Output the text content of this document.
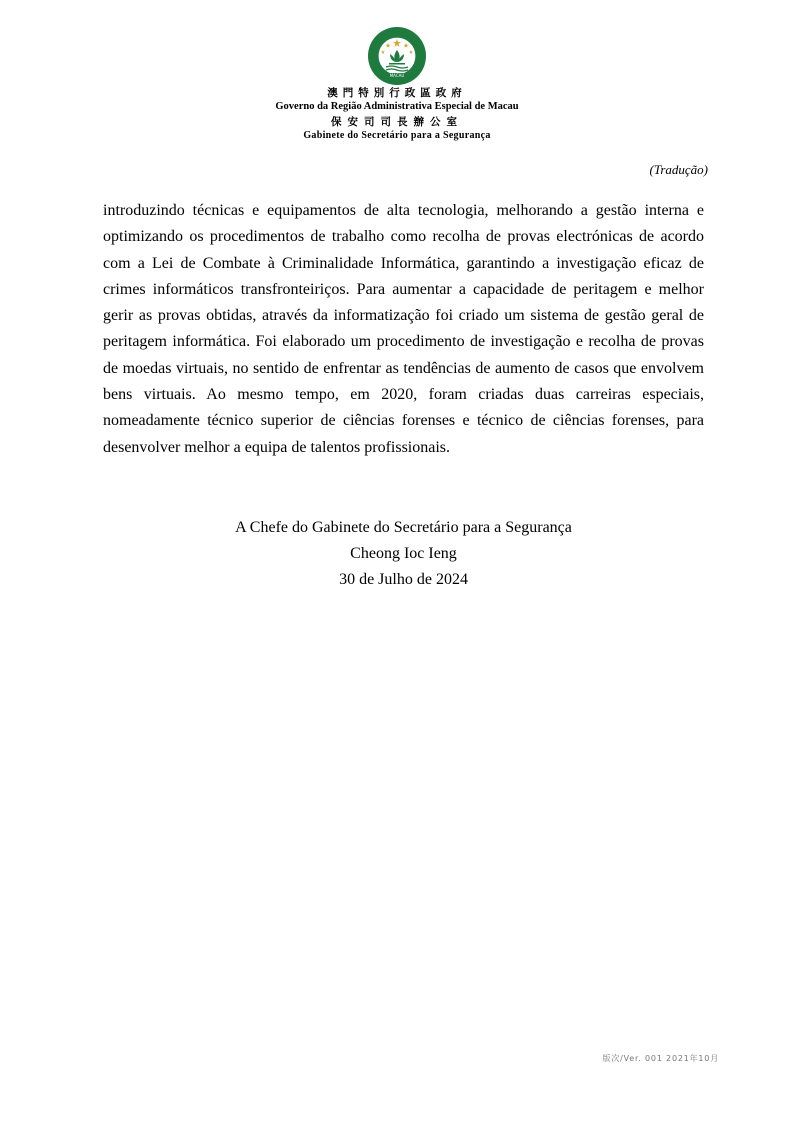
MACAU
澳門特別行政區政府
Governo da Região Administrativa Especial de Macau
保安司司長辦公室
Gabinete do Secretário para a Segurança
(Tradução)

introduzindo técnicas e equipamentos de alta tecnologia, melhorando a gestão interna e optimizando os procedimentos de trabalho como recolha de provas electrónicas de acordo com a Lei de Combate à Criminalidade Informática, garantindo a investigação eficaz de crimes informáticos transfronteiriços. Para aumentar a capacidade de peritagem e melhor gerir as provas obtidas, através da informatização foi criado um sistema de gestão geral de peritagem informática. Foi elaborado um procedimento de investigação e recolha de provas de moedas virtuais, no sentido de enfrentar as tendências de aumento de casos que envolvem bens virtuais. Ao mesmo tempo, em 2020, foram criadas duas carreiras especiais, nomeadamente técnico superior de ciências forenses e técnico de ciências forenses, para desenvolver melhor a equipa de talentos profissionais.

A Chefe do Gabinete do Secretário para a Segurança
Cheong Ioc Ieng
30 de Julho de 2024
版次/Ver. 001 2021年10月
